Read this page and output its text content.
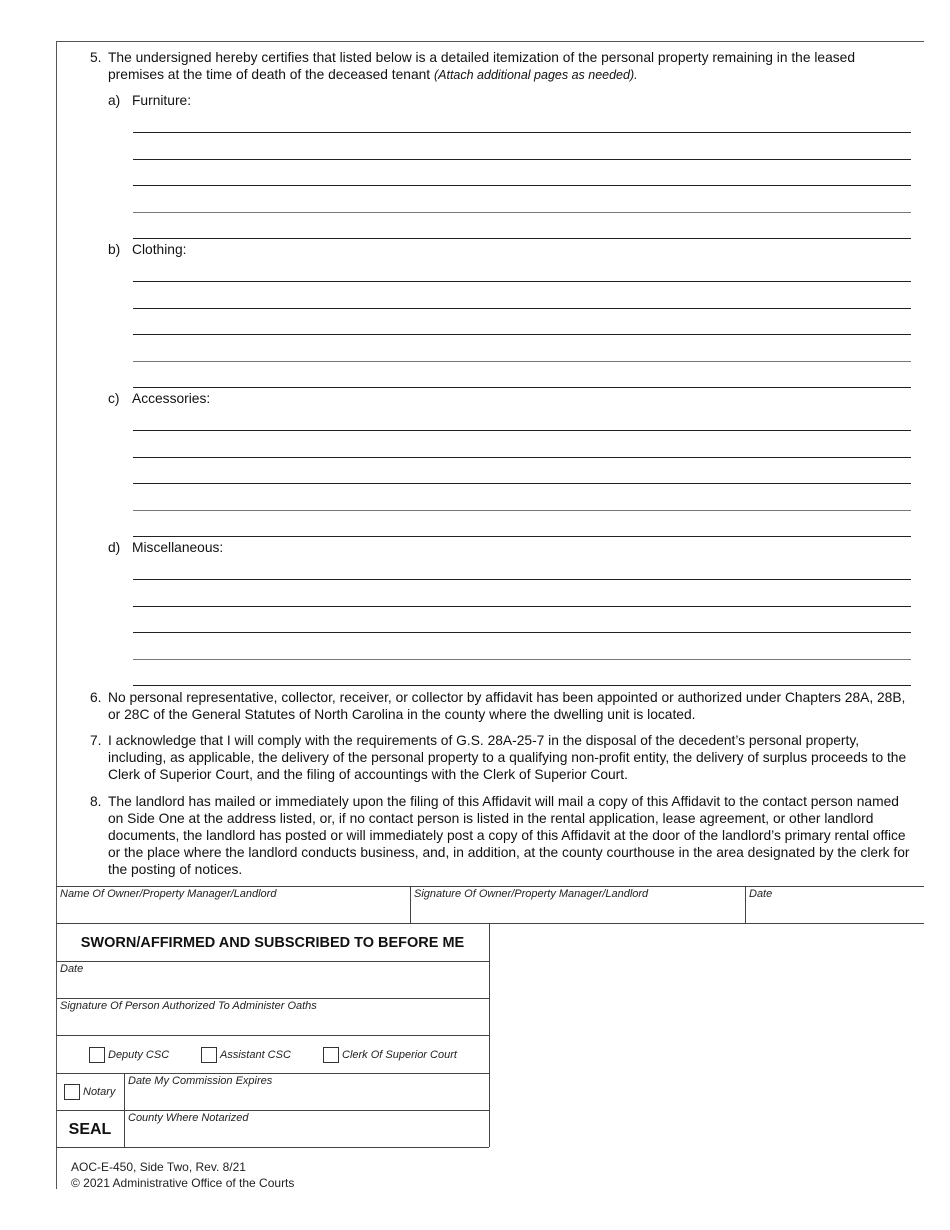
5. The undersigned hereby certifies that listed below is a detailed itemization of the personal property remaining in the leased premises at the time of death of the deceased tenant (Attach additional pages as needed).
a) Furniture:
b) Clothing:
c) Accessories:
d) Miscellaneous:
6. No personal representative, collector, receiver, or collector by affidavit has been appointed or authorized under Chapters 28A, 28B, or 28C of the General Statutes of North Carolina in the county where the dwelling unit is located.
7. I acknowledge that I will comply with the requirements of G.S. 28A-25-7 in the disposal of the decedent’s personal property, including, as applicable, the delivery of the personal property to a qualifying non-profit entity, the delivery of surplus proceeds to the Clerk of Superior Court, and the filing of accountings with the Clerk of Superior Court.
8. The landlord has mailed or immediately upon the filing of this Affidavit will mail a copy of this Affidavit to the contact person named on Side One at the address listed, or, if no contact person is listed in the rental application, lease agreement, or other landlord documents, the landlord has posted or will immediately post a copy of this Affidavit at the door of the landlord’s primary rental office or the place where the landlord conducts business, and, in addition, at the county courthouse in the area designated by the clerk for the posting of notices.
Name Of Owner/Property Manager/Landlord	Signature Of Owner/Property Manager/Landlord	Date
SWORN/AFFIRMED AND SUBSCRIBED TO BEFORE ME
Date
Signature Of Person Authorized To Administer Oaths
Deputy CSC	Assistant CSC	Clerk Of Superior Court
Notary
Date My Commission Expires
SEAL
County Where Notarized
AOC-E-450, Side Two, Rev. 8/21
© 2021 Administrative Office of the Courts
